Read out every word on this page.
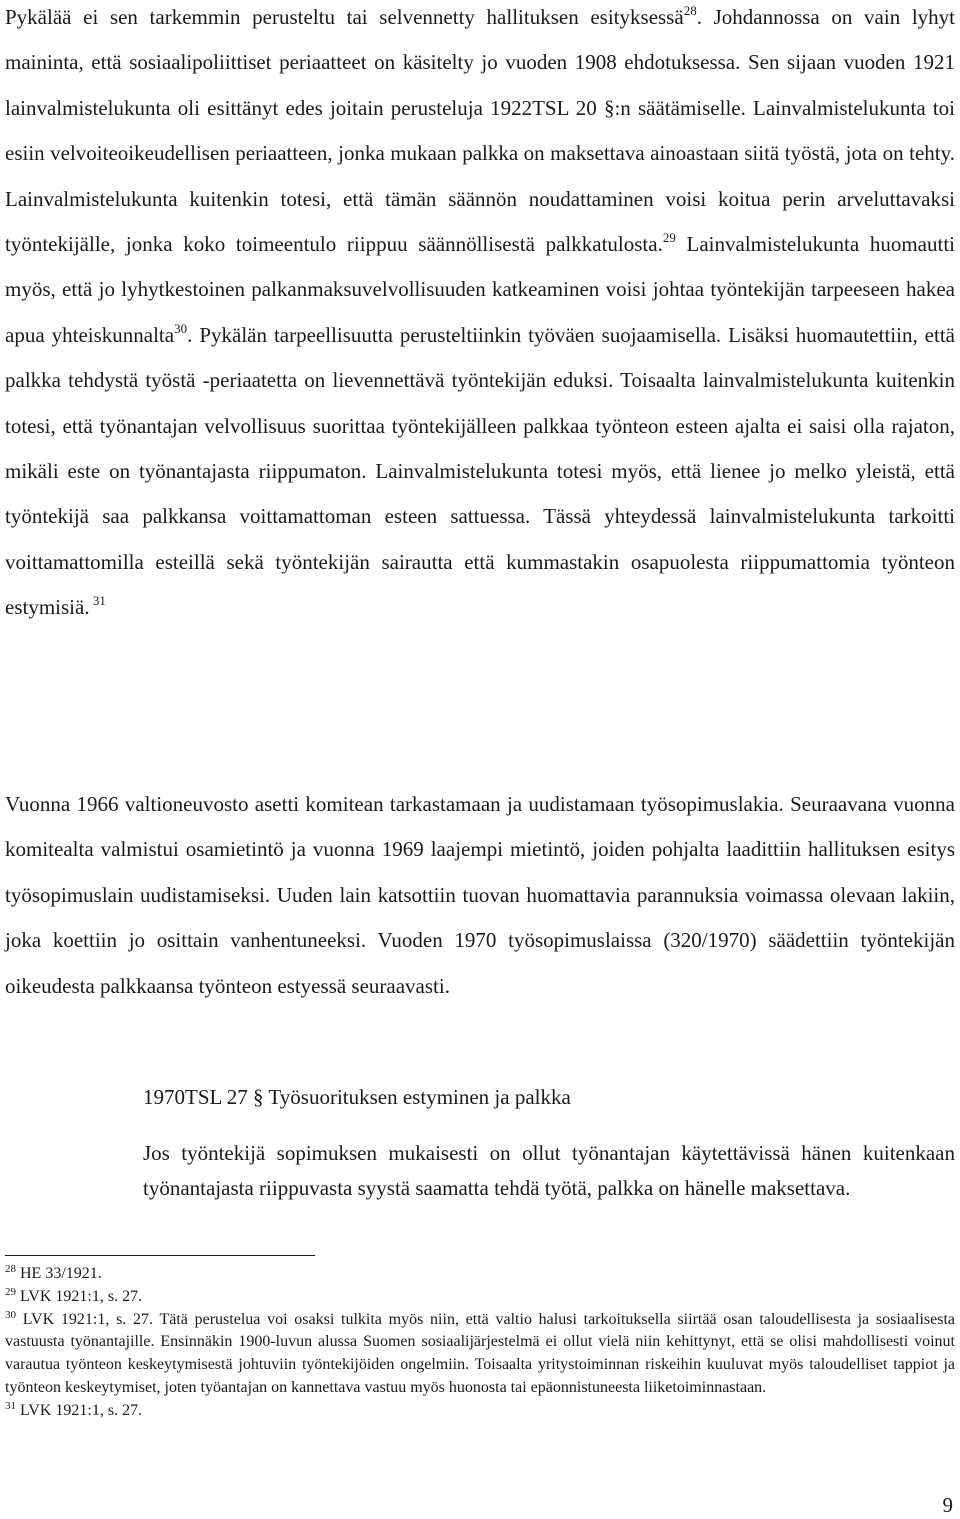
Pykälää ei sen tarkemmin perusteltu tai selvennetty hallituksen esityksessä$^{28}$. Johdannossa on vain lyhyt maininta, että sosiaalipoliittiset periaatteet on käsitelty jo vuoden 1908 ehdotuksessa. Sen sijaan vuoden 1921 lainvalmistelukunta oli esittänyt edes joitain perusteluja 1922TSL 20 §:n säätämiselle. Lainvalmistelukunta toi esiin velvoiteoikeudellisen periaatteen, jonka mukaan palkka on maksettava ainoastaan siitä työstä, jota on tehty. Lainvalmistelukunta kuitenkin totesi, että tämän säännön noudattaminen voisi koitua perin arveluttavaksi työntekijälle, jonka koko toimeentulo riippuu säännöllisestä palkkatulosta.$^{29}$ Lainvalmistelukunta huomautti myös, että jo lyhytkestoinen palkanmaksuvelvollisuuden katkeaminen voisi johtaa työntekijän tarpeeseen hakea apua yhteiskunnalta$^{30}$. Pykälän tarpeellisuutta perusteltiinkin työväen suojaamisella. Lisäksi huomautettiin, että palkka tehdystä työstä -periaatetta on lievennettävä työntekijän eduksi. Toisaalta lainvalmistelukunta kuitenkin totesi, että työnantajan velvollisuus suorittaa työntekijälleen palkkaa työnteon esteen ajalta ei saisi olla rajaton, mikäli este on työnantajasta riippumaton. Lainvalmistelukunta totesi myös, että lienee jo melko yleistä, että työntekijä saa palkkansa voittamattoman esteen sattuessa. Tässä yhteydessä lainvalmistelukunta tarkoitti voittamattomilla esteillä sekä työntekijän sairautta että kummastakin osapuolesta riippumattomia työnteon estymisiä. $^{31}$

Vuonna 1966 valtioneuvosto asetti komitean tarkastamaan ja uudistamaan työsopimuslakia. Seuraavana vuonna komitealta valmistui osamietintö ja vuonna 1969 laajempi mietintö, joiden pohjalta laadittiin hallituksen esitys työsopimuslain uudistamiseksi. Uuden lain katsottiin tuovan huomattavia parannuksia voimassa olevaan lakiin, joka koettiin jo osittain vanhentuneeksi. Vuoden 1970 työsopimuslaissa (320/1970) säädettiin työntekijän oikeudesta palkkaansa työnteon estyessä seuraavasti.

1970TSL 27 § Työsuorituksen estyminen ja palkka

Jos työntekijä sopimuksen mukaisesti on ollut työnantajan käytettävissä hänen kuitenkaan työnantajasta riippuvasta syystä saamatta tehdä työtä, palkka on hänelle maksettava.

$^{28}$ HE 33/1921.

$^{29}$ LVK 1921:1, s. 27.

$^{30}$ LVK 1921:1, s. 27. Tätä perustelua voi osaksi tulkita myös niin, että valtio halusi tarkoituksella siirtää osan taloudellisesta ja sosiaalisesta vastuusta työnantajille. Ensinnäkin 1900-luvun alussa Suomen sosiaalijärjestelmä ei ollut vielä niin kehittynyt, että se olisi mahdollisesti voinut varautua työnteon keskeytymisestä johtuviin työntekijöiden ongelmiin. Toisaalta yritystoiminnan riskeihin kuuluvat myös taloudelliset tappiot ja työnteon keskeytymiset, joten työantajan on kannettava vastuu myös huonosta tai epäonnistuneesta liiketoiminnastaan.

$^{31}$ LVK 1921:1, s. 27.

9
